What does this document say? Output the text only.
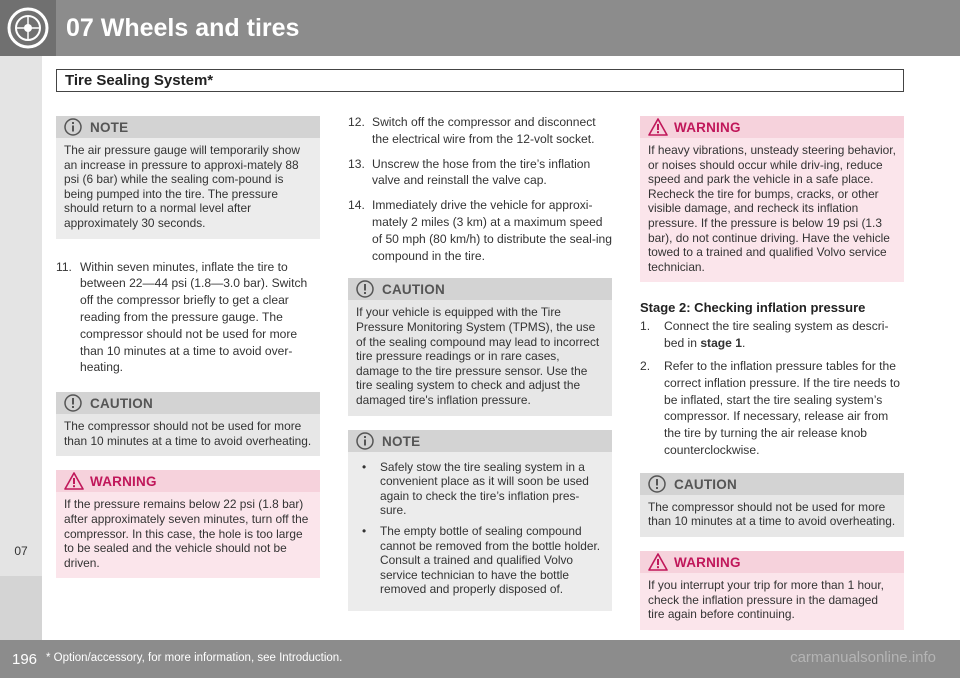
07 Wheels and tires
07
Tire Sealing System*
NOTE
The air pressure gauge will temporarily show an increase in pressure to approxi-mately 88 psi (6 bar) while the sealing com-pound is being pumped into the tire. The pressure should return to a normal level after approximately 30 seconds.
11. Within seven minutes, inflate the tire to between 22—44 psi (1.8—3.0 bar). Switch off the compressor briefly to get a clear reading from the pressure gauge. The compressor should not be used for more than 10 minutes at a time to avoid over-heating.
CAUTION
The compressor should not be used for more than 10 minutes at a time to avoid overheating.
WARNING
If the pressure remains below 22 psi (1.8 bar) after approximately seven minutes, turn off the compressor. In this case, the hole is too large to be sealed and the vehicle should not be driven.
12. Switch off the compressor and disconnect the electrical wire from the 12-volt socket.
13. Unscrew the hose from the tire’s inflation valve and reinstall the valve cap.
14. Immediately drive the vehicle for approxi-mately 2 miles (3 km) at a maximum speed of 50 mph (80 km/h) to distribute the seal-ing compound in the tire.
CAUTION
If your vehicle is equipped with the Tire Pressure Monitoring System (TPMS), the use of the sealing compound may lead to incorrect tire pressure readings or in rare cases, damage to the tire pressure sensor. Use the tire sealing system to check and adjust the damaged tire's inflation pressure.
NOTE
• Safely stow the tire sealing system in a convenient place as it will soon be used again to check the tire’s inflation pres-sure.
• The empty bottle of sealing compound cannot be removed from the bottle holder. Consult a trained and qualified Volvo service technician to have the bottle removed and properly disposed of.
WARNING
If heavy vibrations, unsteady steering behavior, or noises should occur while driv-ing, reduce speed and park the vehicle in a safe place. Recheck the tire for bumps, cracks, or other visible damage, and recheck its inflation pressure. If the pressure is below 19 psi (1.3 bar), do not continue driving. Have the vehicle towed to a trained and qualified Volvo service technician.
Stage 2: Checking inflation pressure
1. Connect the tire sealing system as descri-bed in stage 1.
2. Refer to the inflation pressure tables for the correct inflation pressure. If the tire needs to be inflated, start the tire sealing system’s compressor. If necessary, release air from the tire by turning the air release knob counterclockwise.
CAUTION
The compressor should not be used for more than 10 minutes at a time to avoid overheating.
WARNING
If you interrupt your trip for more than 1 hour, check the inflation pressure in the damaged tire again before continuing.
196 * Option/accessory, for more information, see Introduction.	carmanualsonline.info
